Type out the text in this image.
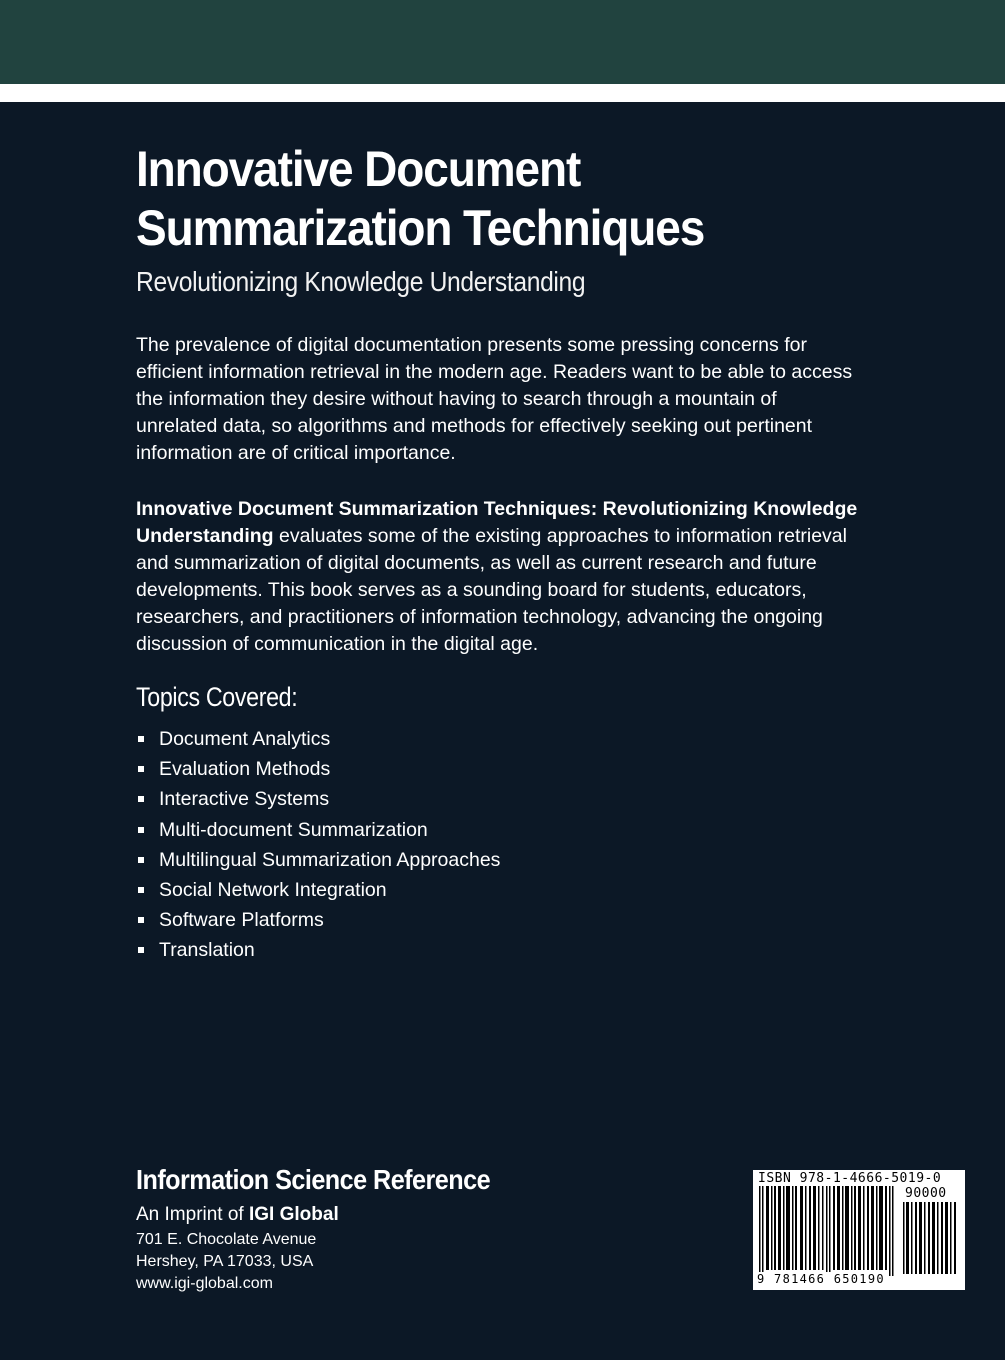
Innovative Document
Summarization Techniques
Revolutionizing Knowledge Understanding

The prevalence of digital documentation presents some pressing concerns for efficient information retrieval in the modern age. Readers want to be able to access the information they desire without having to search through a mountain of unrelated data, so algorithms and methods for effectively seeking out pertinent information are of critical importance.

Innovative Document Summarization Techniques: Revolutionizing Knowledge Understanding evaluates some of the existing approaches to information retrieval and summarization of digital documents, as well as current research and future developments. This book serves as a sounding board for students, educators, researchers, and practitioners of information technology, advancing the ongoing discussion of communication in the digital age.

Topics Covered:
Document Analytics
Evaluation Methods
Interactive Systems
Multi-document Summarization
Multilingual Summarization Approaches
Social Network Integration
Software Platforms
Translation
Information Science Reference

An Imprint of IGI Global

701 E. Chocolate Avenue

Hershey, PA 17033, USA

www.igi-global.com

ISBN 978-1-4666-5019-0

90000

9 781466 650190
